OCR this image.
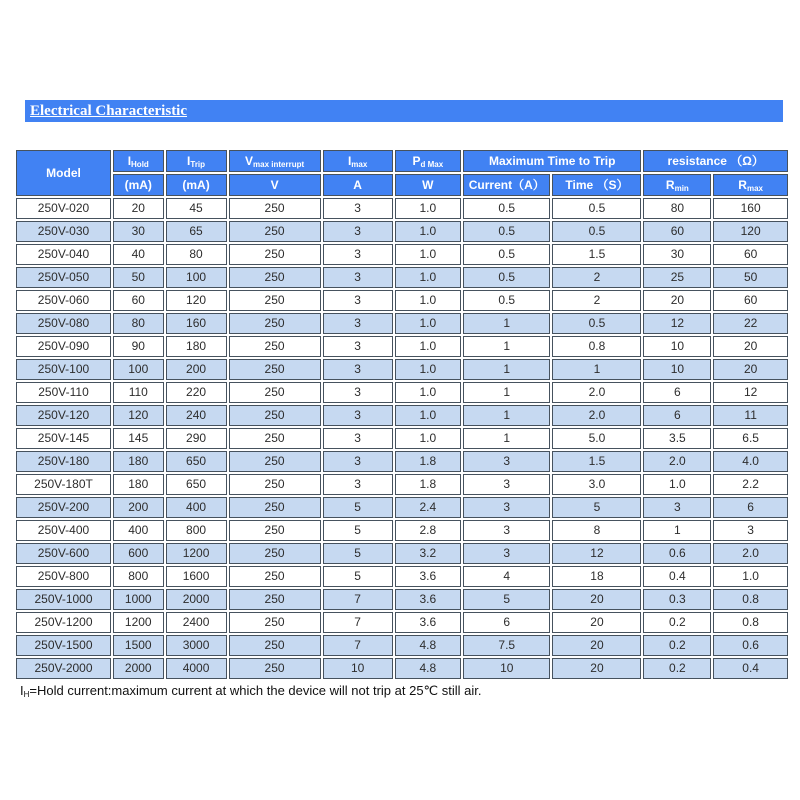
Electrical Characteristic
Model	$I_{Hold}$	$I_{Trip}$	$V_{max interrupt}$	$I_{max}$	$P_{d Max}$	Maximum Time to Trip		resistance （Ω）	
	(mA)	(mA)	V	A	W	Current（A）	Time （S）	$R_{min}$	$R_{max}$
250V-020	20	45	250	3	1.0	0.5	0.5	80	160
250V-030	30	65	250	3	1.0	0.5	0.5	60	120
250V-040	40	80	250	3	1.0	0.5	1.5	30	60
250V-050	50	100	250	3	1.0	0.5	2	25	50
250V-060	60	120	250	3	1.0	0.5	2	20	60
250V-080	80	160	250	3	1.0	1	0.5	12	22
250V-090	90	180	250	3	1.0	1	0.8	10	20
250V-100	100	200	250	3	1.0	1	1	10	20
250V-110	110	220	250	3	1.0	1	2.0	6	12
250V-120	120	240	250	3	1.0	1	2.0	6	11
250V-145	145	290	250	3	1.0	1	5.0	3.5	6.5
250V-180	180	650	250	3	1.8	3	1.5	2.0	4.0
250V-180T	180	650	250	3	1.8	3	3.0	1.0	2.2
250V-200	200	400	250	5	2.4	3	5	3	6
250V-400	400	800	250	5	2.8	3	8	1	3
250V-600	600	1200	250	5	3.2	3	12	0.6	2.0
250V-800	800	1600	250	5	3.6	4	18	0.4	1.0
250V-1000	1000	2000	250	7	3.6	5	20	0.3	0.8
250V-1200	1200	2400	250	7	3.6	6	20	0.2	0.8
250V-1500	1500	3000	250	7	4.8	7.5	20	0.2	0.6
250V-2000	2000	4000	250	10	4.8	10	20	0.2	0.4
$I_H=Hold$ current:maximum current at which the device will not trip at 25℃ still air.
